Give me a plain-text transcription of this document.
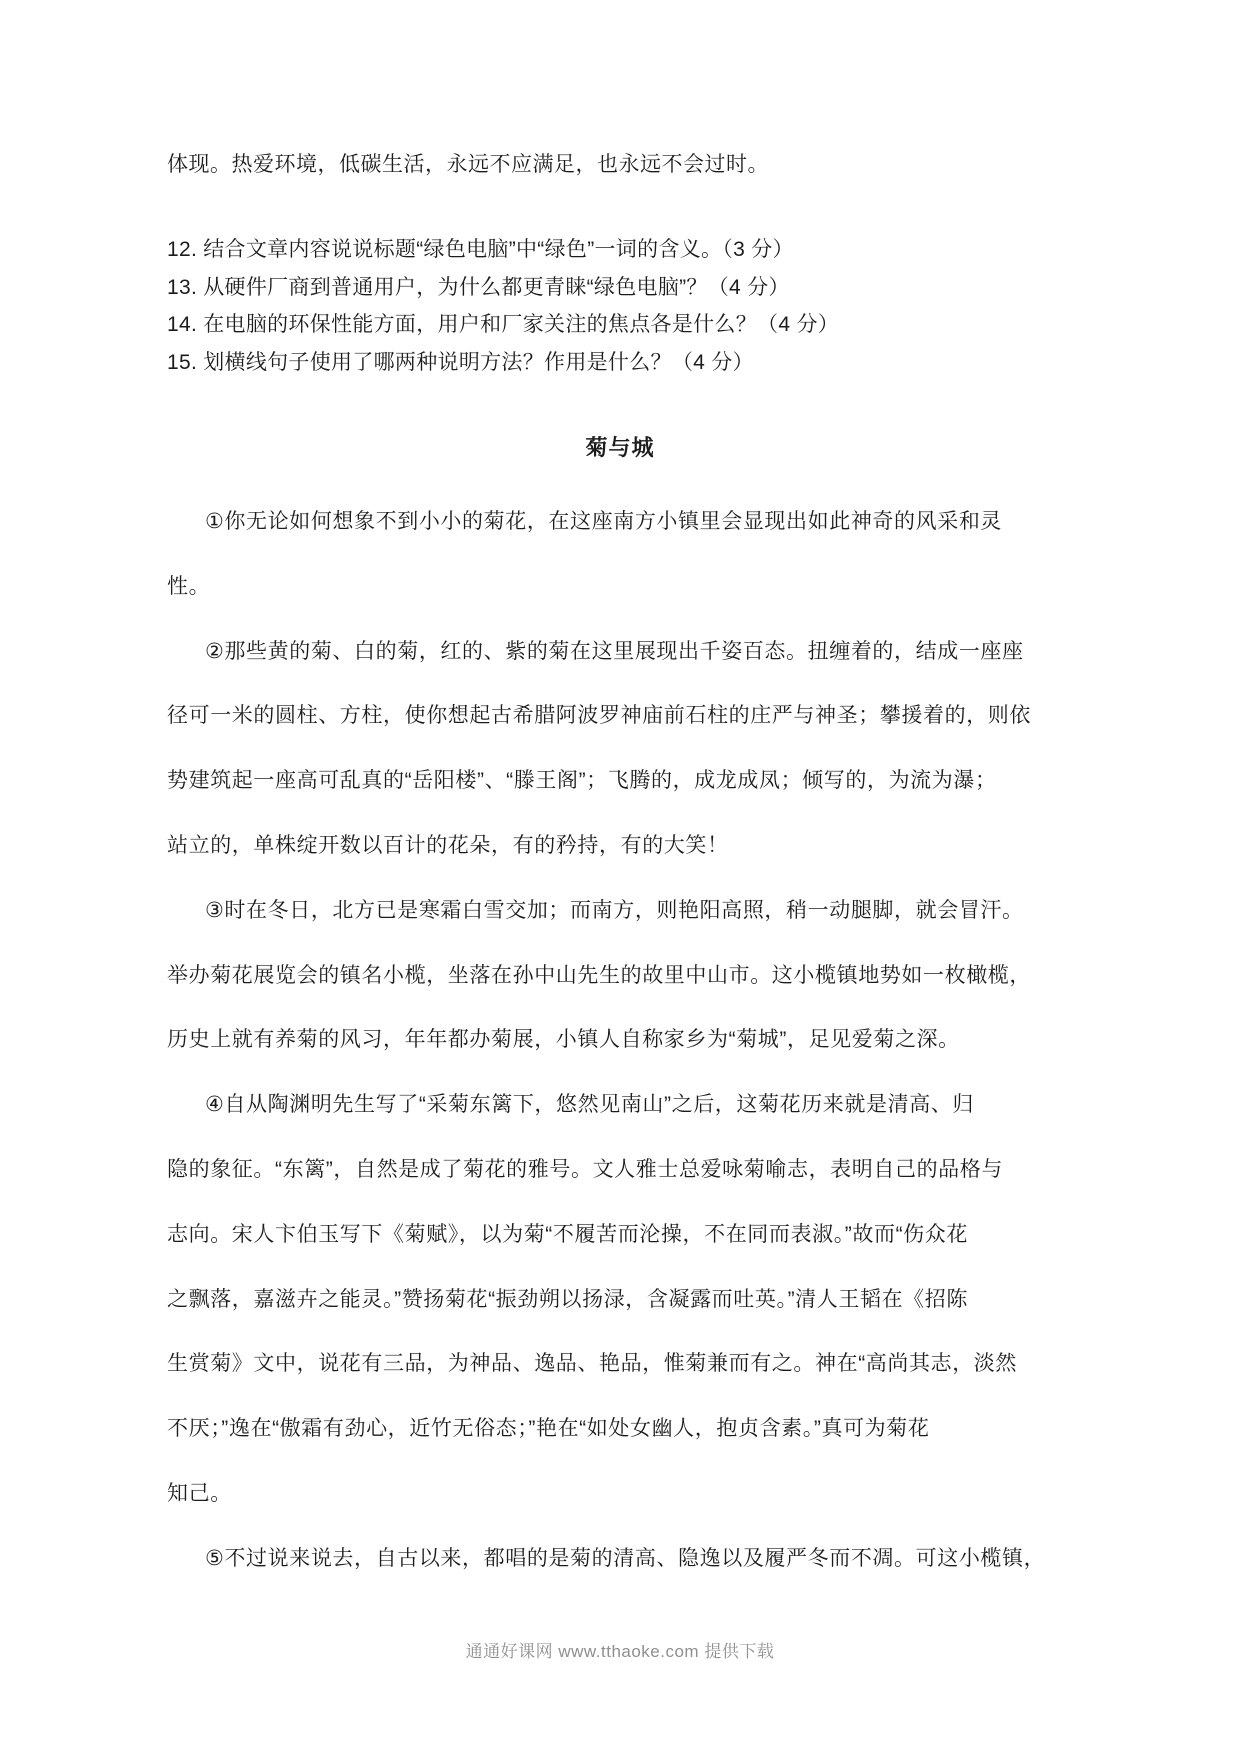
体现。热爱环境，低碳生活，永远不应满足，也永远不会过时。
12. 结合文章内容说说标题“绿色电脑”中“绿色”一词的含义。（3 分）
13. 从硬件厂商到普通用户，为什么都更青睐“绿色电脑”？（4 分）
14. 在电脑的环保性能方面，用户和厂家关注的焦点各是什么？（4 分）
15. 划横线句子使用了哪两种说明方法？作用是什么？（4 分）
菊与城
①你无论如何想象不到小小的菊花，在这座南方小镇里会显现出如此神奇的风采和灵
性。
②那些黄的菊、白的菊，红的、紫的菊在这里展现出千姿百态。扭缠着的，结成一座座
径可一米的圆柱、方柱，使你想起古希腊阿波罗神庙前石柱的庄严与神圣；攀援着的，则依
势建筑起一座高可乱真的“岳阳楼”、“滕王阁”；飞腾的，成龙成凤；倾写的，为流为瀑；
站立的，单株绽开数以百计的花朵，有的矜持，有的大笑！
③时在冬日，北方已是寒霜白雪交加；而南方，则艳阳高照，稍一动腿脚，就会冒汗。
举办菊花展览会的镇名小榄，坐落在孙中山先生的故里中山市。这小榄镇地势如一枚橄榄，
历史上就有养菊的风习，年年都办菊展，小镇人自称家乡为“菊城”，足见爱菊之深。
④自从陶渊明先生写了“采菊东篱下，悠然见南山”之后，这菊花历来就是清高、归
隐的象征。“东篱”，自然是成了菊花的雅号。文人雅士总爱咏菊喻志，表明自己的品格与
志向。宋人卞伯玉写下《菊赋》，以为菊“不履苦而沦操，不在同而表淑。”故而“伤众花
之飘落，嘉滋卉之能灵。”赞扬菊花“振劲朔以扬渌，含凝露而吐英。”清人王韬在《招陈
生赏菊》文中，说花有三品，为神品、逸品、艳品，惟菊兼而有之。神在“高尚其志，淡然
不厌；”逸在“傲霜有劲心，近竹无俗态；”艳在“如处女幽人，抱贞含素。”真可为菊花
知己。
⑤不过说来说去，自古以来，都唱的是菊的清高、隐逸以及履严冬而不凋。可这小榄镇，
通通好课网 www.tthaoke.com 提供下载
